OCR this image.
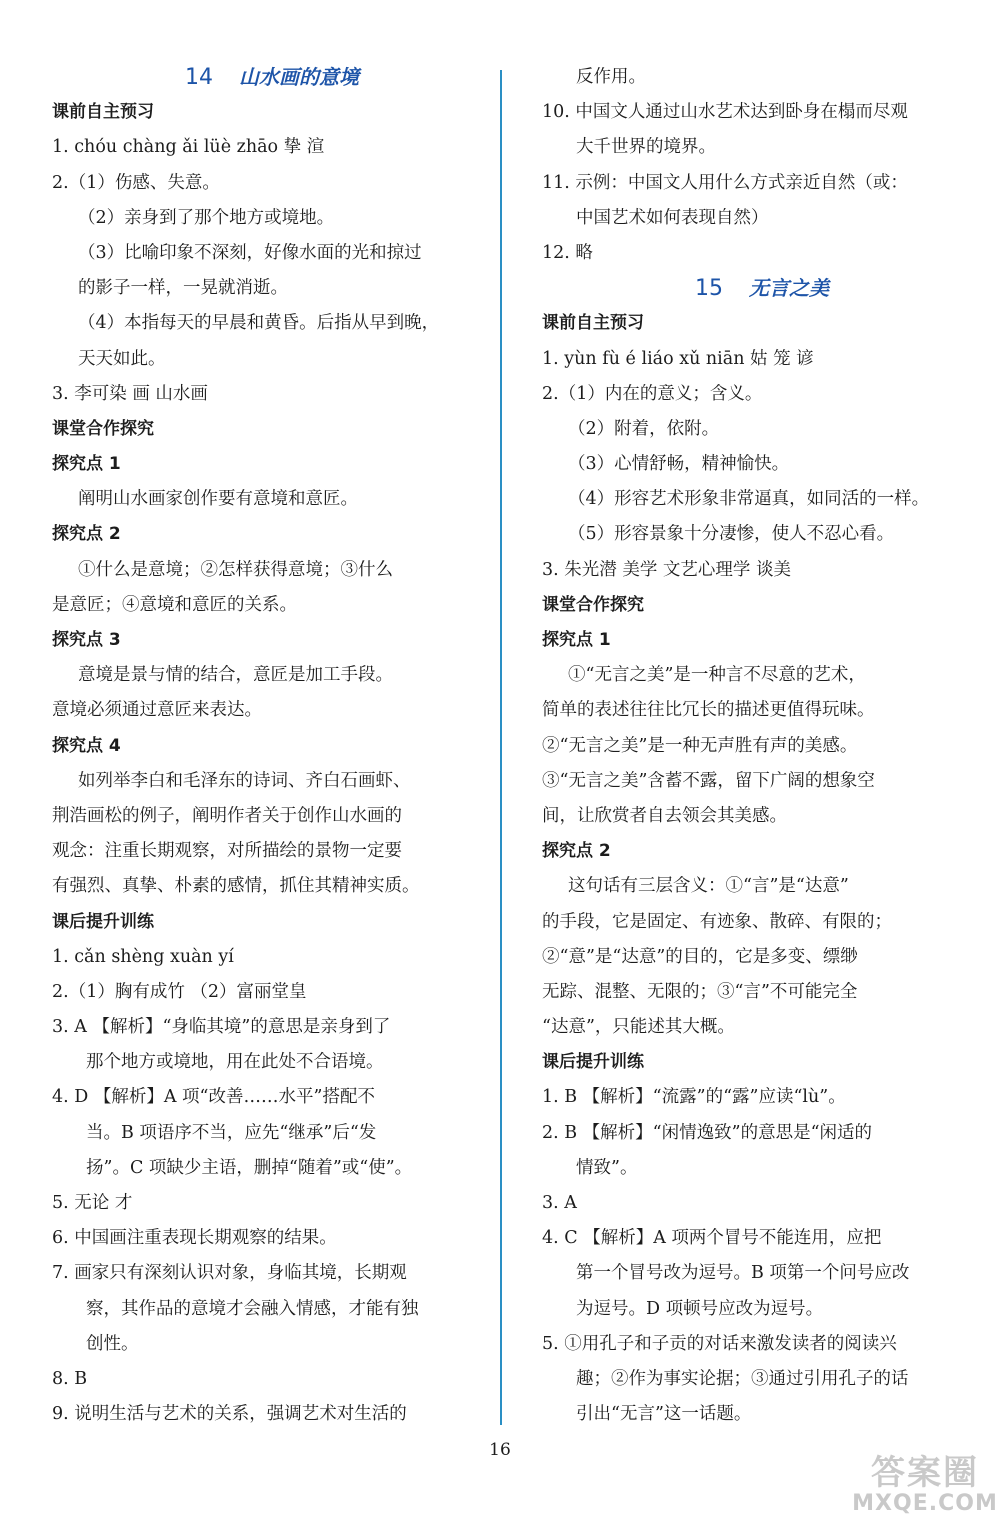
14 山水画的意境
课前自主预习
1. chóu chàng ǎi lüè zhāo 挚 渲
2.（1）伤感、失意。
（2）亲身到了那个地方或境地。
（3）比喻印象不深刻，好像水面的光和掠过
的影子一样，一晃就消逝。
（4）本指每天的早晨和黄昏。后指从早到晚，
天天如此。
3. 李可染 画 山水画
课堂合作探究
探究点 1
阐明山水画家创作要有意境和意匠。
探究点 2
①什么是意境；②怎样获得意境；③什么
是意匠；④意境和意匠的关系。
探究点 3
意境是景与情的结合，意匠是加工手段。
意境必须通过意匠来表达。
探究点 4
如列举李白和毛泽东的诗词、齐白石画虾、
荆浩画松的例子，阐明作者关于创作山水画的
观念：注重长期观察，对所描绘的景物一定要
有强烈、真挚、朴素的感情，抓住其精神实质。
课后提升训练
1. cǎn shèng xuàn yí
2.（1）胸有成竹 （2）富丽堂皇
3. A 【解析】“身临其境”的意思是亲身到了
那个地方或境地，用在此处不合语境。
4. D 【解析】A 项“改善……水平”搭配不
当。B 项语序不当，应先“继承”后“发
扬”。C 项缺少主语，删掉“随着”或“使”。
5. 无论 才
6. 中国画注重表现长期观察的结果。
7. 画家只有深刻认识对象，身临其境，长期观
察，其作品的意境才会融入情感，才能有独
创性。
8. B
9. 说明生活与艺术的关系，强调艺术对生活的
反作用。
10. 中国文人通过山水艺术达到卧身在榻而尽观
大千世界的境界。
11. 示例：中国文人用什么方式亲近自然（或：
中国艺术如何表现自然）
12. 略
15 无言之美
课前自主预习
1. yùn fù é liáo xǔ niān 姑 笼 谚
2.（1）内在的意义；含义。
（2）附着，依附。
（3）心情舒畅，精神愉快。
（4）形容艺术形象非常逼真，如同活的一样。
（5）形容景象十分凄惨，使人不忍心看。
3. 朱光潜 美学 文艺心理学 谈美
课堂合作探究
探究点 1
①“无言之美”是一种言不尽意的艺术，
简单的表述往往比冗长的描述更值得玩味。
②“无言之美”是一种无声胜有声的美感。
③“无言之美”含蓄不露，留下广阔的想象空
间，让欣赏者自去领会其美感。
探究点 2
这句话有三层含义：①“言”是“达意”
的手段，它是固定、有迹象、散碎、有限的；
②“意”是“达意”的目的，它是多变、缥缈
无踪、混整、无限的；③“言”不可能完全
“达意”，只能述其大概。
课后提升训练
1. B 【解析】“流露”的“露”应读“lù”。
2. B 【解析】“闲情逸致”的意思是“闲适的
情致”。
3. A
4. C 【解析】A 项两个冒号不能连用，应把
第一个冒号改为逗号。B 项第一个问号应改
为逗号。D 项顿号应改为逗号。
5. ①用孔子和子贡的对话来激发读者的阅读兴
趣；②作为事实论据；③通过引用孔子的话
引出“无言”这一话题。
16
答案圈
MXQE.COM
